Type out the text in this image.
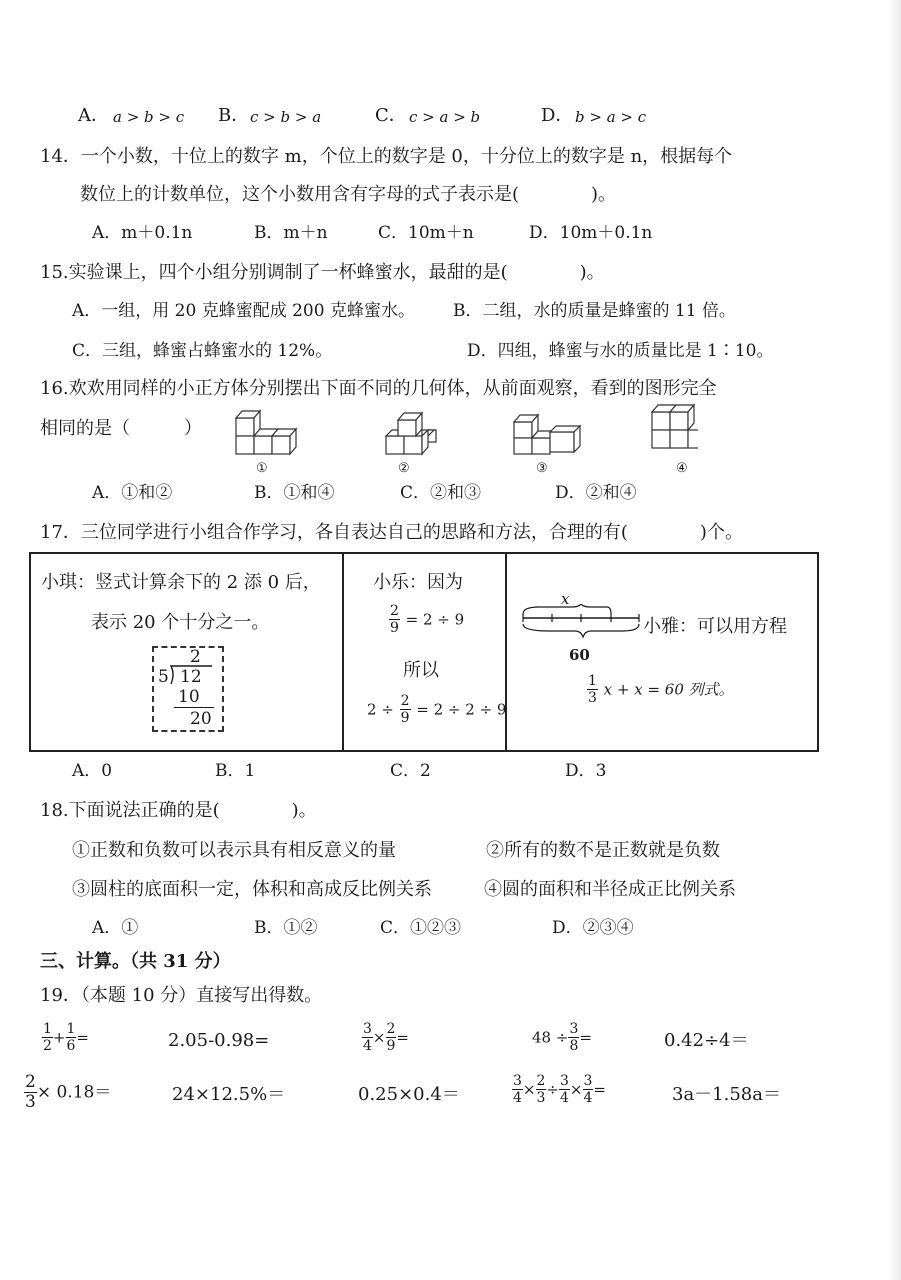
A． a > b > c B． c > b > a	C． c > a > b	D． b > a > c
14．一个小数，十位上的数字 m，个位上的数字是 0，十分位上的数字是 n，根据每个
数位上的计数单位，这个小数用含有字母的式子表示是(　　　　)。
A．m＋0.1n	B．m＋n	C．10m＋n	D．10m＋0.1n
15.实验课上，四个小组分别调制了一杯蜂蜜水，最甜的是(　　　　)。
A．一组，用 20 克蜂蜜配成 200 克蜂蜜水。 B．二组，水的质量是蜂蜜的 11 倍。
C．三组，蜂蜜占蜂蜜水的 12%。	D．四组，蜂蜜与水的质量比是 1∶10。
16.欢欢用同样的小正方体分别摆出下面不同的几何体，从前面观察，看到的图形完全
相同的是（　　　）
①	②	③	④
A．①和②	B．①和④	C．②和③	D．②和④
17．三位同学进行小组合作学习，各自表达自己的思路和方法，合理的有(　　　　)个。
小琪：竖式计算余下的 2 添 0 后，
表示 20 个十分之一。
2
5 12
10
20
小乐：因为
$\frac{2}{9} = 2 \div 9$
所以
$2 \div \frac{2}{9} = 2 \div 2 \div 9$
x
小雅：可以用方程
60
$\frac{1}{3}$ x + x = 60 列式。
A．0	B．1	C．2	D．3
18.下面说法正确的是(　　　　)。
①正数和负数可以表示具有相反意义的量	②所有的数不是正数就是负数
③圆柱的底面积一定，体积和高成反比例关系	④圆的面积和半径成正比例关系
A．①	B．①②	C．①②③	D．②③④
三、计算。（共 31 分）
19．（本题 10 分）直接写出得数。
$\frac{1}{2} + \frac{1}{6}$ =	2.05-0.98=	$\frac{3}{4} \times \frac{2}{9}$ =	$48 \div \frac{3}{8}$ =	0.42÷4＝
$\frac{2}{3} \times 0.18=$	24×12.5%＝	0.25×0.4＝	$\frac{3}{4} \times \frac{2}{3} \div \frac{3}{4} \times \frac{3}{4}$ =	3a－1.58a＝
